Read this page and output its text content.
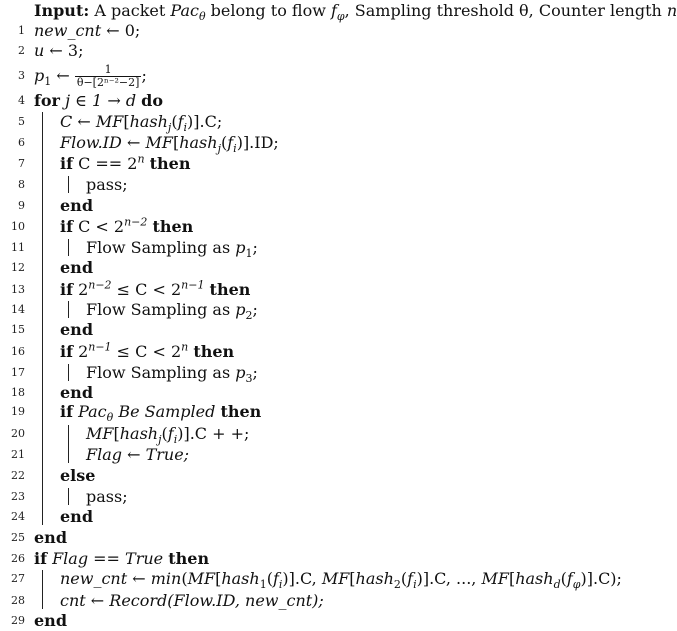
Input: A packet Pac$_\theta$ belong to flow $f_\varphi$, Sampling threshold θ, Counter length n
1
2
3
4
5
6
7
8
9
10
11
12
13
14
15
16
17
18
19
20
21
22
23
24
25
26
27
28
29
new_cnt ← 0;
u ← 3;
$p_1$ ← $\frac{1}{\text{θ−[2ⁿ⁻²−2]}}$ ;
for j ∈ 1 → d do
C ← $MF[hash_j(f_i)].C$;
Flow.ID ← $MF[hash_j(f_i)].ID$;
if $C == 2^n$ then
pass;
end
if $C < 2^{n-2}$ then
Flow Sampling as $p_1$;
end
if $2^{n-2} \le C < 2^{n-1}$ then
Flow Sampling as $p_2$;
end
if $2^{n-1} \le C < 2^n$ then
Flow Sampling as $p_3$;
end
if Pac$_\theta$ Be Sampled then
$MF[hash_j(f_i)].C$ + +;
Flag ← True;
else
pass;
end
end
if Flag == True then
new_cnt ← $\min(MF[hash_1(f_i)].C$, $MF[hash_2(f_i)].C$, ..., $MF[hash_d(f_\varphi)].C$);
cnt ← Record(Flow.ID, new_cnt);
end
